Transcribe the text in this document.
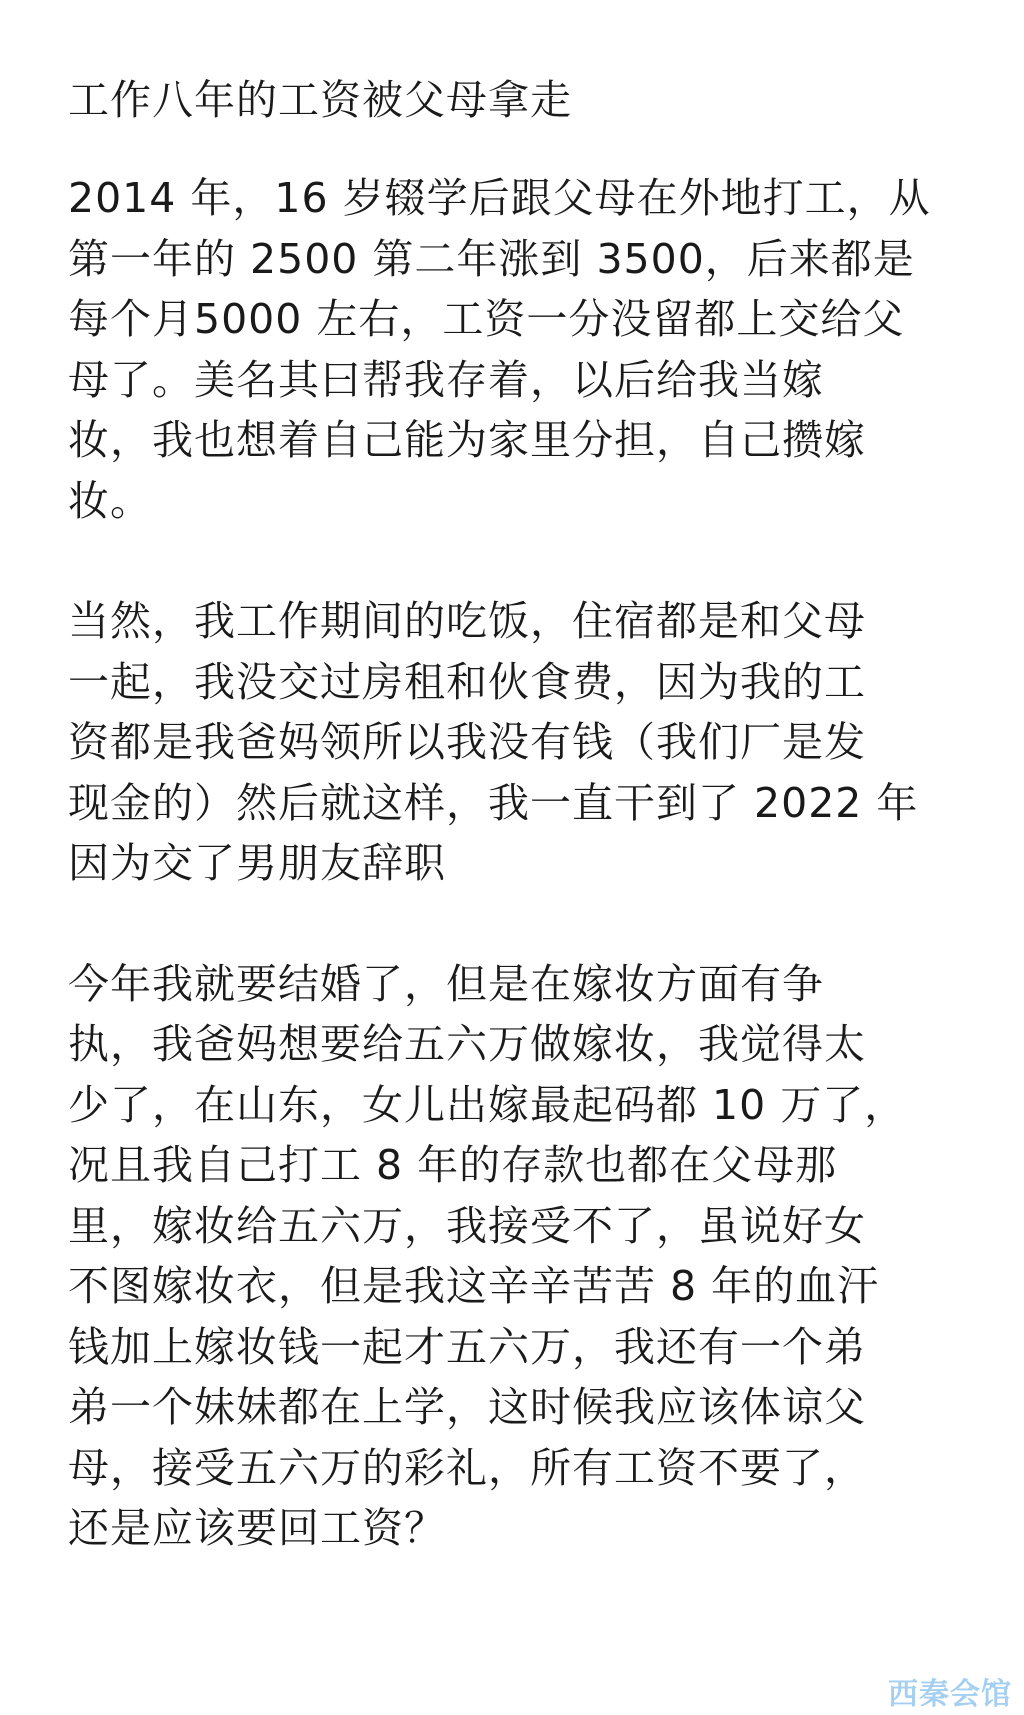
工作八年的工资被父母拿走
2014 年，16 岁辍学后跟父母在外地打工，从
第一年的 2500 第二年涨到 3500，后来都是
每个月5000 左右，工资一分没留都上交给父
母了。美名其曰帮我存着，以后给我当嫁
妆，我也想着自己能为家里分担，自己攒嫁
妆。
当然，我工作期间的吃饭，住宿都是和父母
一起，我没交过房租和伙食费，因为我的工
资都是我爸妈领所以我没有钱（我们厂是发
现金的）然后就这样，我一直干到了 2022 年
因为交了男朋友辞职
今年我就要结婚了，但是在嫁妆方面有争
执，我爸妈想要给五六万做嫁妆，我觉得太
少了，在山东，女儿出嫁最起码都 10 万了，
况且我自己打工 8 年的存款也都在父母那
里，嫁妆给五六万，我接受不了，虽说好女
不图嫁妆衣，但是我这辛辛苦苦 8 年的血汗
钱加上嫁妆钱一起才五六万，我还有一个弟
弟一个妹妹都在上学，这时候我应该体谅父
母，接受五六万的彩礼，所有工资不要了，
还是应该要回工资？
西秦会馆
